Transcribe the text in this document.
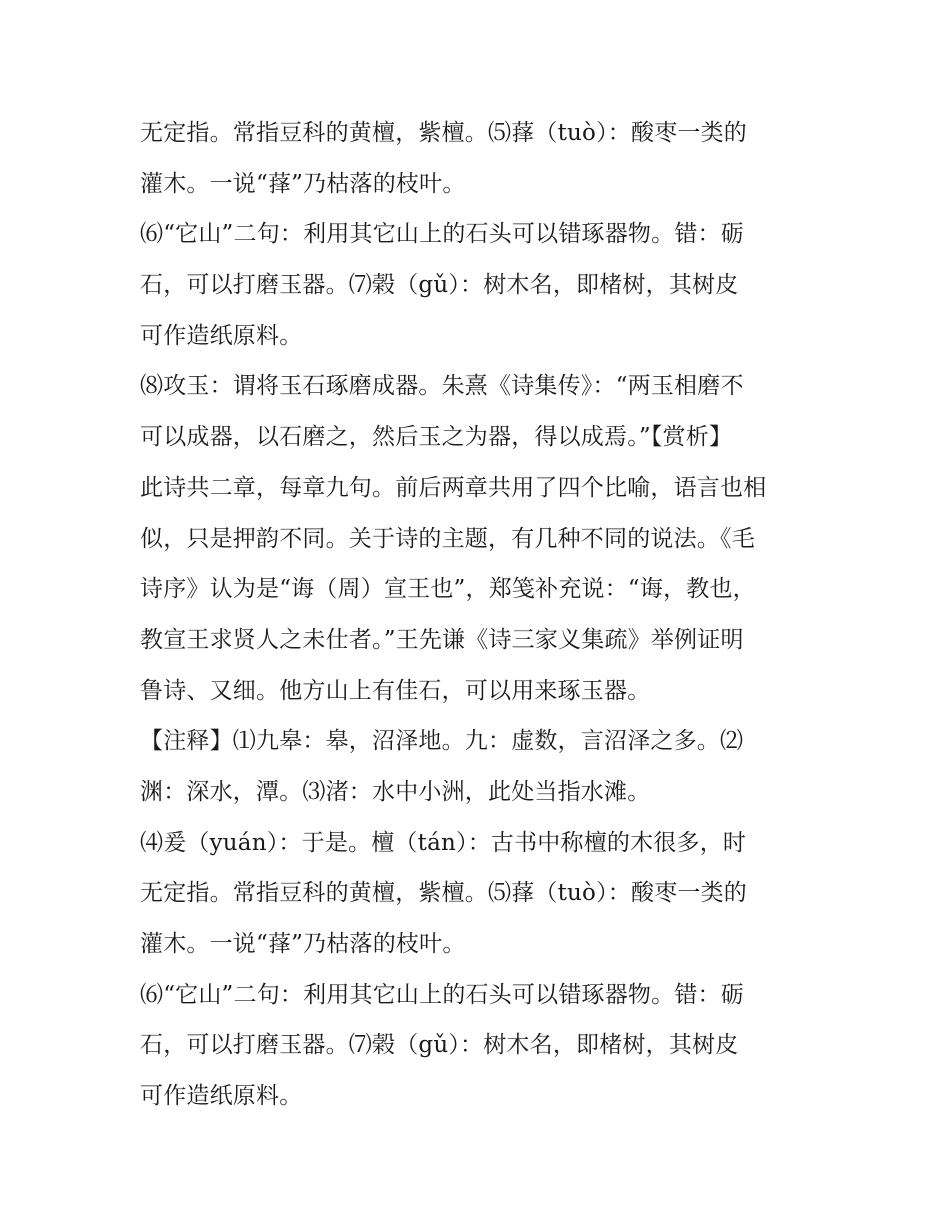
无定指。常指豆科的黄檀，紫檀。⑸萚（tuò）：酸枣一类的
灌木。一说“萚”乃枯落的枝叶。
⑹“它山”二句：利用其它山上的石头可以错琢器物。错：砺
石，可以打磨玉器。⑺榖（gǔ）：树木名，即楮树，其树皮
可作造纸原料。
⑻攻玉：谓将玉石琢磨成器。朱熹《诗集传》：“两玉相磨不
可以成器，以石磨之，然后玉之为器，得以成焉。”【赏析】
此诗共二章，每章九句。前后两章共用了四个比喻，语言也相
似，只是押韵不同。关于诗的主题，有几种不同的说法。《毛
诗序》认为是“诲（周）宣王也”，郑笺补充说：“诲，教也，
教宣王求贤人之未仕者。”王先谦《诗三家义集疏》举例证明
鲁诗、又细。他方山上有佳石，可以用来琢玉器。
【注释】⑴九皋：皋，沼泽地。九：虚数，言沼泽之多。⑵
渊：深水，潭。⑶渚：水中小洲，此处当指水滩。
⑷爰（yuán）：于是。檀（tán）：古书中称檀的木很多，时
无定指。常指豆科的黄檀，紫檀。⑸萚（tuò）：酸枣一类的
灌木。一说“萚”乃枯落的枝叶。
⑹“它山”二句：利用其它山上的石头可以错琢器物。错：砺
石，可以打磨玉器。⑺榖（gǔ）：树木名，即楮树，其树皮
可作造纸原料。
